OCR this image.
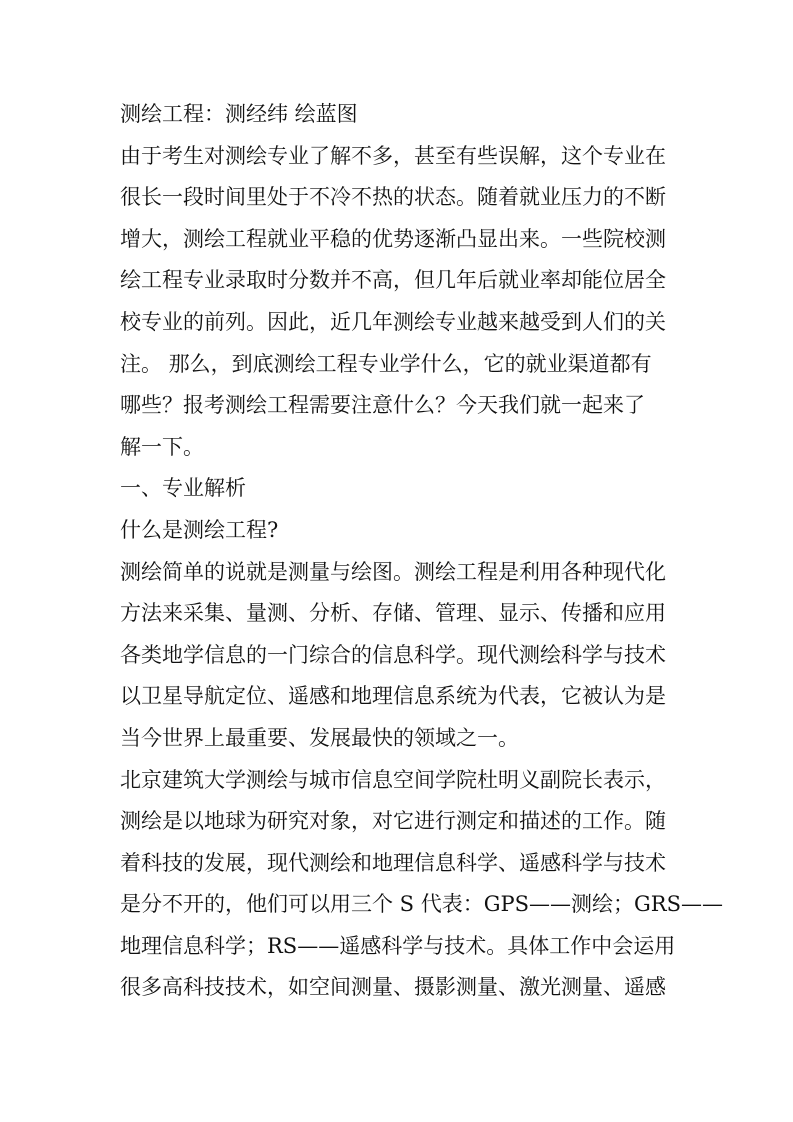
测绘工程：测经纬 绘蓝图
由于考生对测绘专业了解不多，甚至有些误解，这个专业在
很长一段时间里处于不冷不热的状态。随着就业压力的不断
增大，测绘工程就业平稳的优势逐渐凸显出来。一些院校测
绘工程专业录取时分数并不高，但几年后就业率却能位居全
校专业的前列。因此，近几年测绘专业越来越受到人们的关
注。 那么，到底测绘工程专业学什么，它的就业渠道都有
哪些？报考测绘工程需要注意什么？今天我们就一起来了
解一下。
一、专业解析
什么是测绘工程?
测绘简单的说就是测量与绘图。测绘工程是利用各种现代化
方法来采集、量测、分析、存储、管理、显示、传播和应用
各类地学信息的一门综合的信息科学。现代测绘科学与技术
以卫星导航定位、遥感和地理信息系统为代表，它被认为是
当今世界上最重要、发展最快的领域之一。
北京建筑大学测绘与城市信息空间学院杜明义副院长表示，
测绘是以地球为研究对象，对它进行测定和描述的工作。随
着科技的发展，现代测绘和地理信息科学、遥感科学与技术
是分不开的，他们可以用三个 S 代表：GPS——测绘；GRS——
地理信息科学；RS——遥感科学与技术。具体工作中会运用
很多高科技技术，如空间测量、摄影测量、激光测量、遥感
